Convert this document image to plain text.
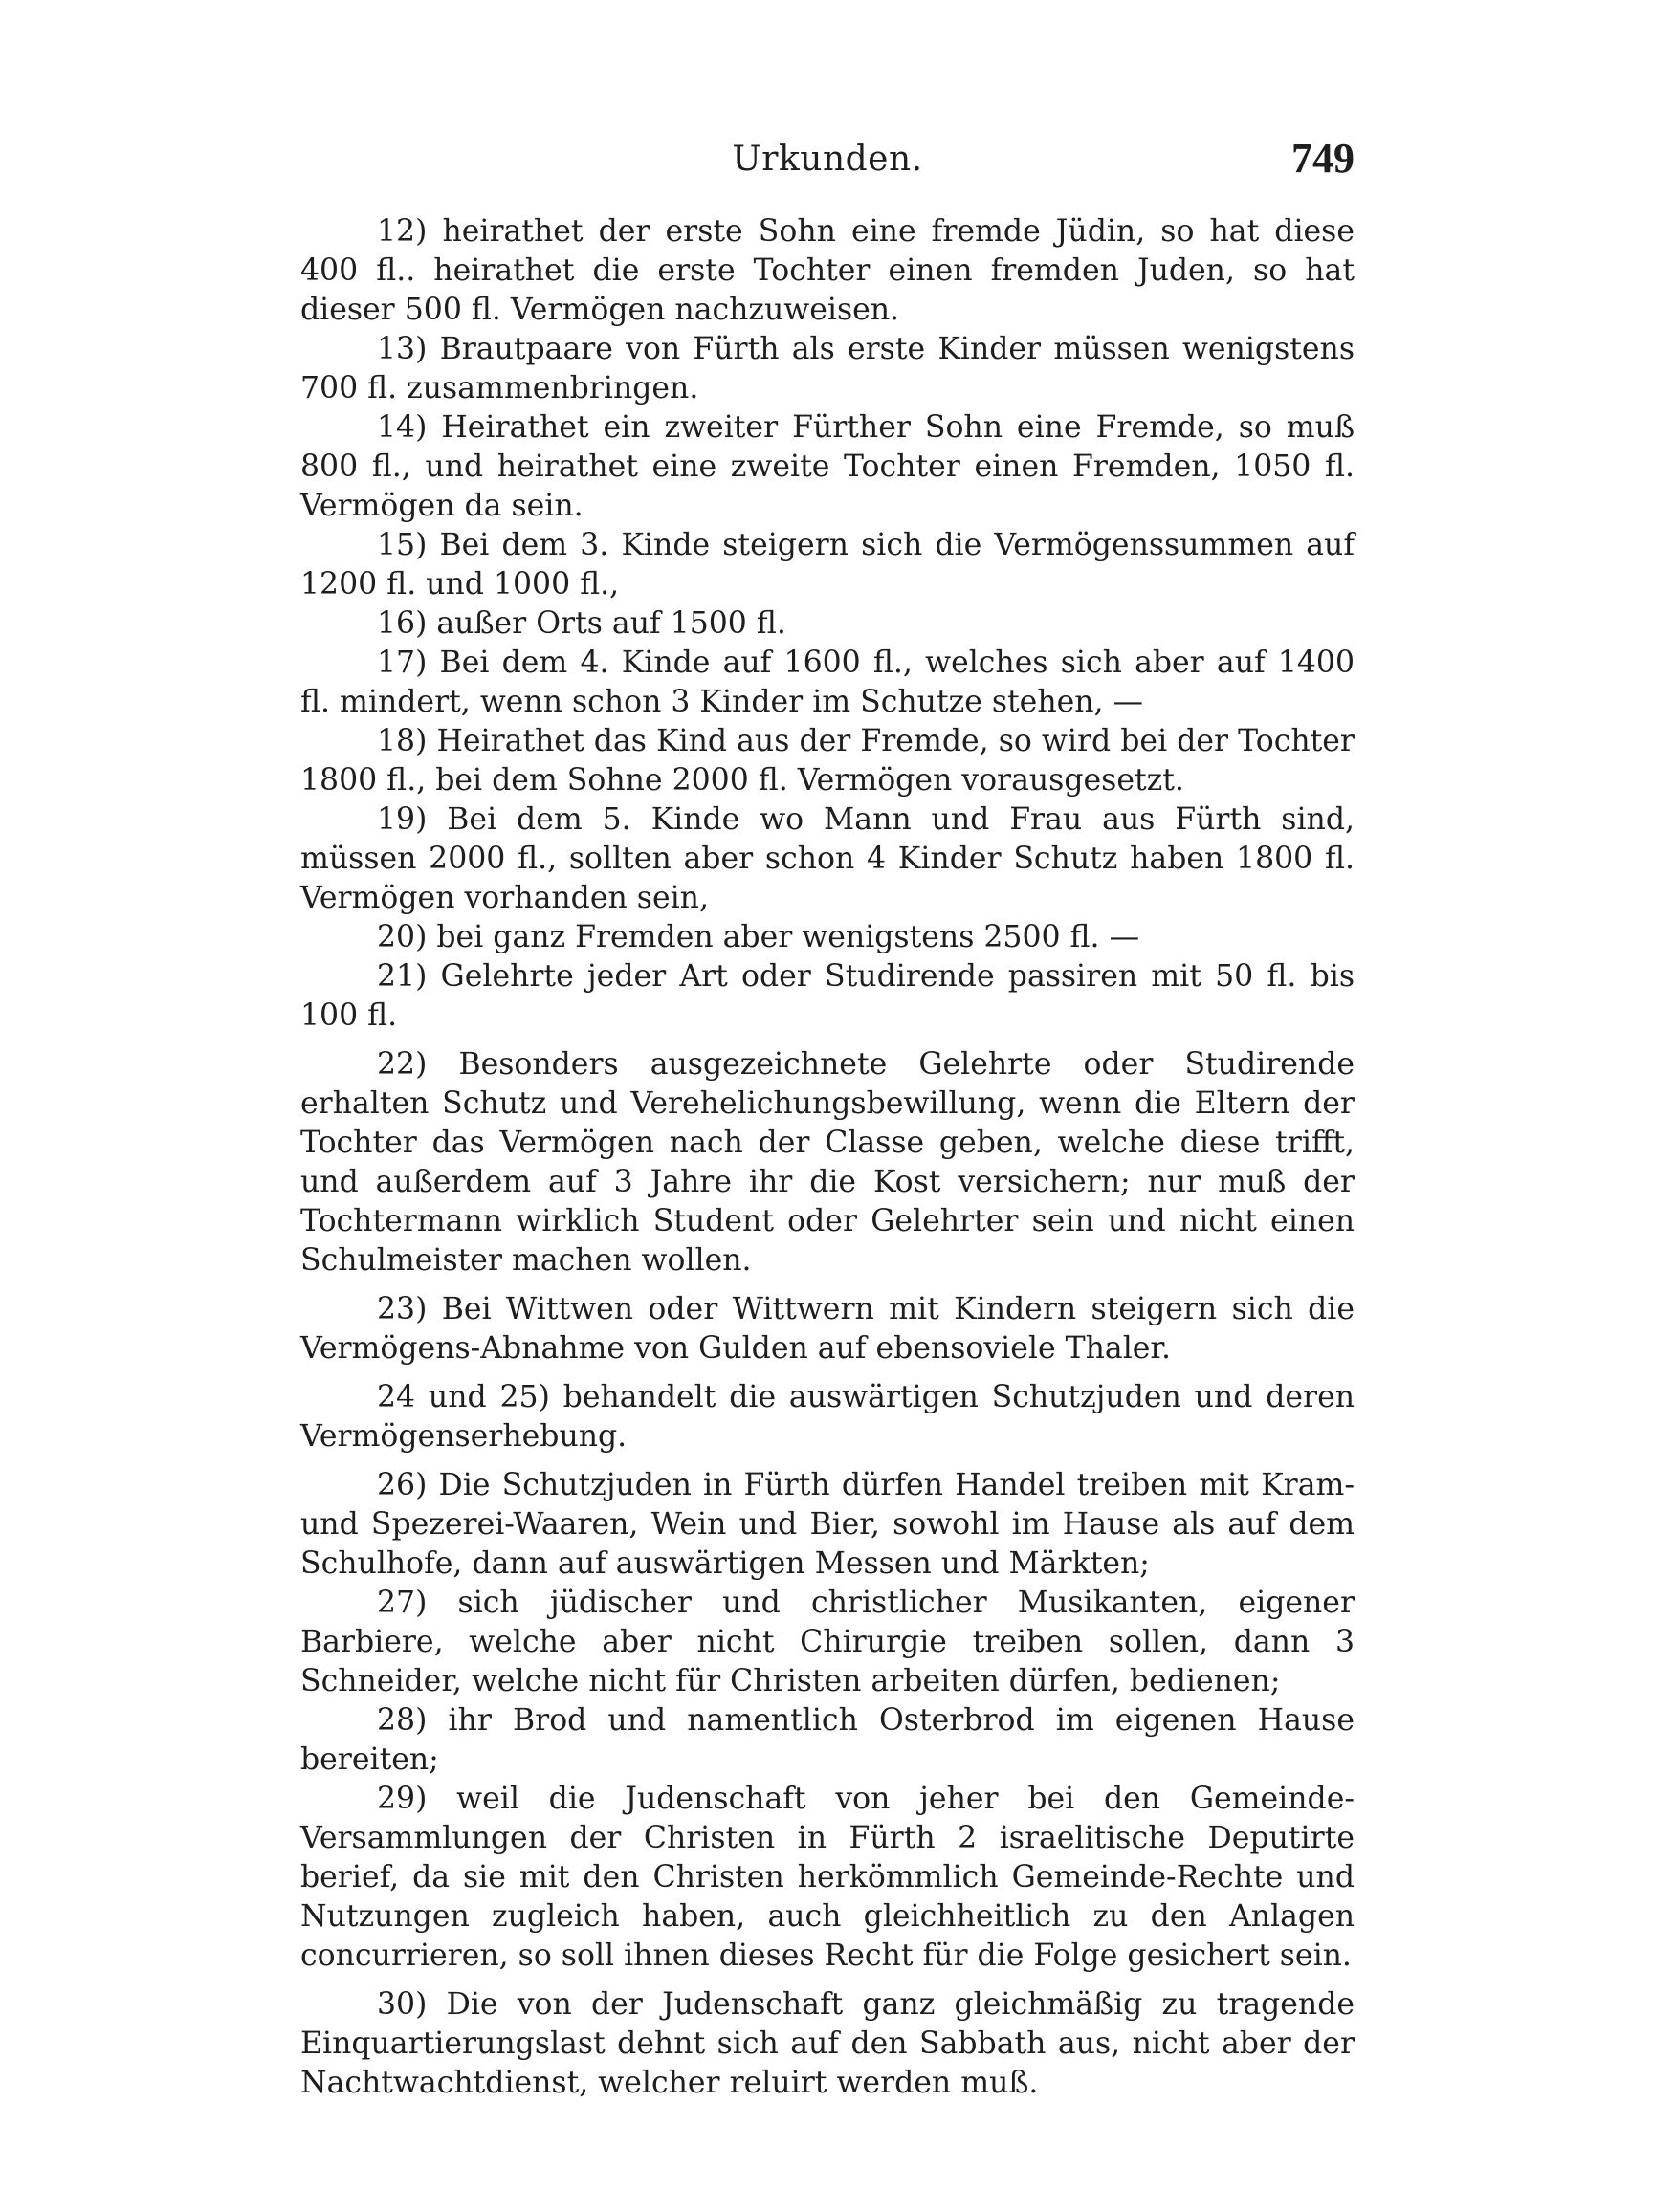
Urkunden.	749

12) heirathet der erste Sohn eine fremde Jüdin, so hat diese 400 fl.. heirathet die erste Tochter einen fremden Juden, so hat dieser 500 fl. Vermögen nachzuweisen.

13) Brautpaare von Fürth als erste Kinder müssen wenigstens 700 fl. zusammenbringen.

14) Heirathet ein zweiter Fürther Sohn eine Fremde, so muß 800 fl., und heirathet eine zweite Tochter einen Fremden, 1050 fl. Vermögen da sein.

15) Bei dem 3. Kinde steigern sich die Vermögenssummen auf 1200 fl. und 1000 fl.,

16) außer Orts auf 1500 fl.

17) Bei dem 4. Kinde auf 1600 fl., welches sich aber auf 1400 fl. mindert, wenn schon 3 Kinder im Schutze stehen, —

18) Heirathet das Kind aus der Fremde, so wird bei der Tochter 1800 fl., bei dem Sohne 2000 fl. Vermögen vorausgesetzt.

19) Bei dem 5. Kinde wo Mann und Frau aus Fürth sind, müssen 2000 fl., sollten aber schon 4 Kinder Schutz haben 1800 fl. Vermögen vorhanden sein,

20) bei ganz Fremden aber wenigstens 2500 fl. —

21) Gelehrte jeder Art oder Studirende passiren mit 50 fl. bis 100 fl.

22) Besonders ausgezeichnete Gelehrte oder Studirende erhalten Schutz und Verehelichungsbewillung, wenn die Eltern der Tochter das Vermögen nach der Classe geben, welche diese trifft, und außerdem auf 3 Jahre ihr die Kost versichern; nur muß der Tochtermann wirklich Student oder Gelehrter sein und nicht einen Schulmeister machen wollen.

23) Bei Wittwen oder Wittwern mit Kindern steigern sich die Vermögens-Abnahme von Gulden auf ebensoviele Thaler.

24 und 25) behandelt die auswärtigen Schutzjuden und deren Vermögenserhebung.

26) Die Schutzjuden in Fürth dürfen Handel treiben mit Kram- und Spezerei-Waaren, Wein und Bier, sowohl im Hause als auf dem Schulhofe, dann auf auswärtigen Messen und Märkten;

27) sich jüdischer und christlicher Musikanten, eigener Barbiere, welche aber nicht Chirurgie treiben sollen, dann 3 Schneider, welche nicht für Christen arbeiten dürfen, bedienen;

28) ihr Brod und namentlich Osterbrod im eigenen Hause bereiten;

29) weil die Judenschaft von jeher bei den Gemeinde-Versammlungen der Christen in Fürth 2 israelitische Deputirte berief, da sie mit den Christen herkömmlich Gemeinde-Rechte und Nutzungen zugleich haben, auch gleichheitlich zu den Anlagen concurrieren, so soll ihnen dieses Recht für die Folge gesichert sein.

30) Die von der Judenschaft ganz gleichmäßig zu tragende Einquartierungslast dehnt sich auf den Sabbath aus, nicht aber der Nachtwachtdienst, welcher reluirt werden muß.
